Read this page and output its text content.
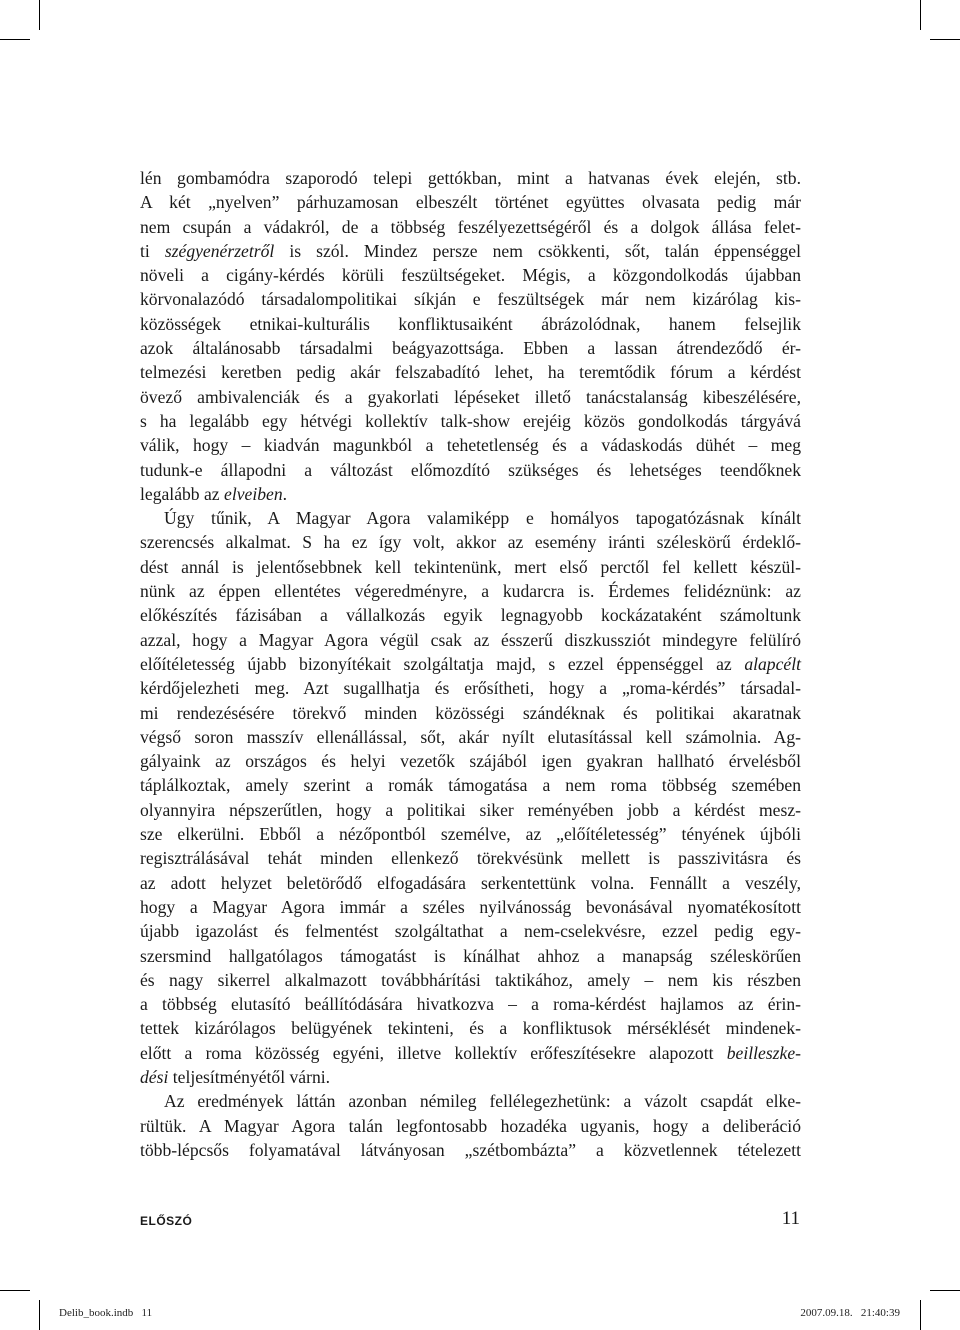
lén gombamódra szaporodó telepi gettókban, mint a hatvanas évek elején, stb.
A két „nyelven” párhuzamosan elbeszélt történet együttes olvasata pedig már
nem csupán a vádakról, de a többség feszélyezettségéről és a dolgok állása felet-
ti szégyenérzetről is szól. Mindez persze nem csökkenti, sőt, talán éppenséggel
növeli a cigány-kérdés körüli feszültségeket. Mégis, a közgondolkodás újabban
körvonalazódó társadalompolitikai síkján e feszültségek már nem kizárólag kis-
közösségek etnikai-kulturális konfliktusaiként ábrázolódnak, hanem felsejlik
azok általánosabb társadalmi beágyazottsága. Ebben a lassan átrendeződő ér-
telmezési keretben pedig akár felszabadító lehet, ha teremtődik fórum a kérdést
övező ambivalenciák és a gyakorlati lépéseket illető tanácstalanság kibeszélésére,
s ha legalább egy hétvégi kollektív talk-show erejéig közös gondolkodás tárgyává
válik, hogy – kiadván magunkból a tehetetlenség és a vádaskodás dühét – meg
tudunk-e állapodni a változást előmozdító szükséges és lehetséges teendőknek
legalább az elveiben.

Úgy tűnik, A Magyar Agora valamiképp e homályos tapogatózásnak kínált
szerencsés alkalmat. S ha ez így volt, akkor az esemény iránti széleskörű érdeklő-
dést annál is jelentősebbnek kell tekintenünk, mert első perctől fel kellett készül-
nünk az éppen ellentétes végeredményre, a kudarcra is. Érdemes felidéznünk: az
előkészítés fázisában a vállalkozás egyik legnagyobb kockázataként számoltunk
azzal, hogy a Magyar Agora végül csak az ésszerű diszkussziót mindegyre felülíró
előítéletesség újabb bizonyítékait szolgáltatja majd, s ezzel éppenséggel az alapcélt
kérdőjelezheti meg. Azt sugallhatja és erősítheti, hogy a „roma-kérdés” társadal-
mi rendezésésére törekvő minden közösségi szándéknak és politikai akaratnak
végső soron masszív ellenállással, sőt, akár nyílt elutasítással kell számolnia. Ag-
gályaink az országos és helyi vezetők szájából igen gyakran hallható érvelésből
táplálkoztak, amely szerint a romák támogatása a nem roma többség szemében
olyannyira népszerűtlen, hogy a politikai siker reményében jobb a kérdést mesz-
sze elkerülni. Ebből a nézőpontból személve, az „előítéletesség” tényének újbóli
regisztrálásával tehát minden ellenkező törekvésünk mellett is passzivitásra és
az adott helyzet beletörődő elfogadására serkentettünk volna. Fennállt a veszély,
hogy a Magyar Agora immár a széles nyilvánosság bevonásával nyomatékosított
újabb igazolást és felmentést szolgáltathat a nem-cselekvésre, ezzel pedig egy-
szersmind hallgatólagos támogatást is kínálhat ahhoz a manapság széleskörűen
és nagy sikerrel alkalmazott továbbhárítási taktikához, amely – nem kis részben
a többség elutasító beállítódására hivatkozva – a roma-kérdést hajlamos az érin-
tettek kizárólagos belügyének tekinteni, és a konfliktusok mérséklését mindenek-
előtt a roma közösség egyéni, illetve kollektív erőfeszítésekre alapozott beilleszke-
dési teljesítményétől várni.

Az eredmények láttán azonban némileg fellélegezhetünk: a vázolt csapdát elke-
rültük. A Magyar Agora talán legfontosabb hozadéka ugyanis, hogy a deliberáció
több-lépcsős folyamatával látványosan „szétbombázta” a közvetlennek tételezett

ELŐSZÓ	11
Delib_book.indb   11	2007.09.18.   21:40:39
